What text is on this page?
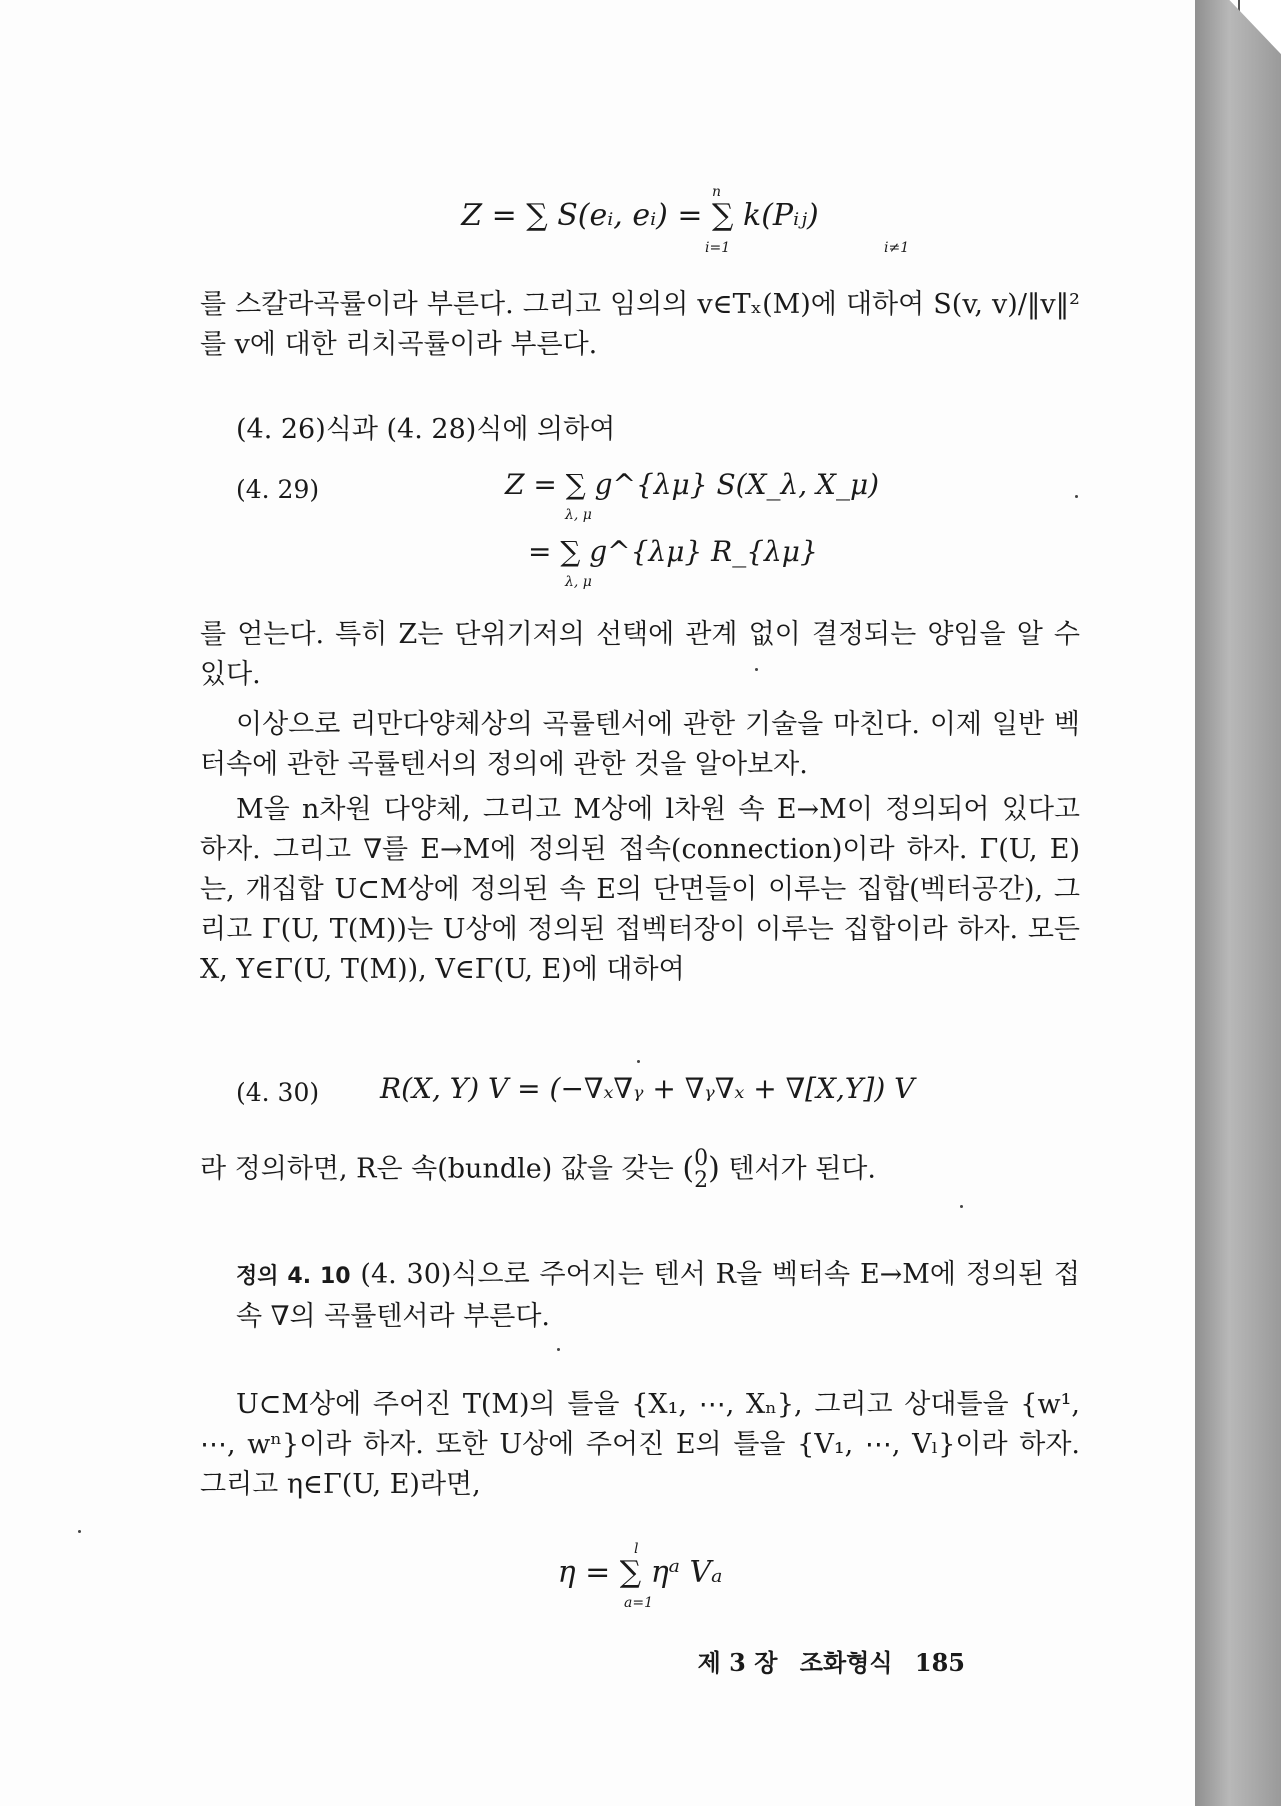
Z = ∑ S(eᵢ, eᵢ) = ∑ k(Pᵢⱼ)
n
i=1	i≠1

를 스칼라곡률이라 부른다. 그리고 임의의 v∈Tₓ(M)에 대하여 S(v, v)/‖v‖²를 v에 대한 리치곡률이라 부른다.

(4. 26)식과 (4. 28)식에 의하여

(4. 29)	Z = ∑ g^{λμ} S(X_λ, X_μ)
λ, μ
= ∑ g^{λμ} R_{λμ}
λ, μ

를 얻는다. 특히 Z는 단위기저의 선택에 관계 없이 결정되는 양임을 알 수 있다.

이상으로 리만다양체상의 곡률텐서에 관한 기술을 마친다. 이제 일반 벡터속에 관한 곡률텐서의 정의에 관한 것을 알아보자.

M을 n차원 다양체, 그리고 M상에 l차원 속 E→M이 정의되어 있다고 하자. 그리고 ∇를 E→M에 정의된 접속(connection)이라 하자. Γ(U, E)는, 개집합 U⊂M상에 정의된 속 E의 단면들이 이루는 집합(벡터공간), 그리고 Γ(U, T(M))는 U상에 정의된 접벡터장이 이루는 집합이라 하자. 모든 X, Y∈Γ(U, T(M)), V∈Γ(U, E)에 대하여

(4. 30) R(X, Y) V = (−∇ₓ∇ᵧ + ∇ᵧ∇ₓ + ∇[X,Y]) V
라 정의하면, R은 속(bundle) 값을 갖는 (0
2) 텐서가 된다.
정의 4. 10 (4. 30)식으로 주어지는 텐서 R을 벡터속 E→M에 정의된 접속 ∇의 곡률텐서라 부른다.

U⊂M상에 주어진 T(M)의 틀을 {X₁, ⋯, Xₙ}, 그리고 상대틀을 {w¹, ⋯, wⁿ}이라 하자. 또한 U상에 주어진 E의 틀을 {V₁, ⋯, Vₗ}이라 하자. 그리고 η∈Γ(U, E)라면,

η = ∑ ηᵃ Vₐ
l
a=1
제 3 장 조화형식 185
